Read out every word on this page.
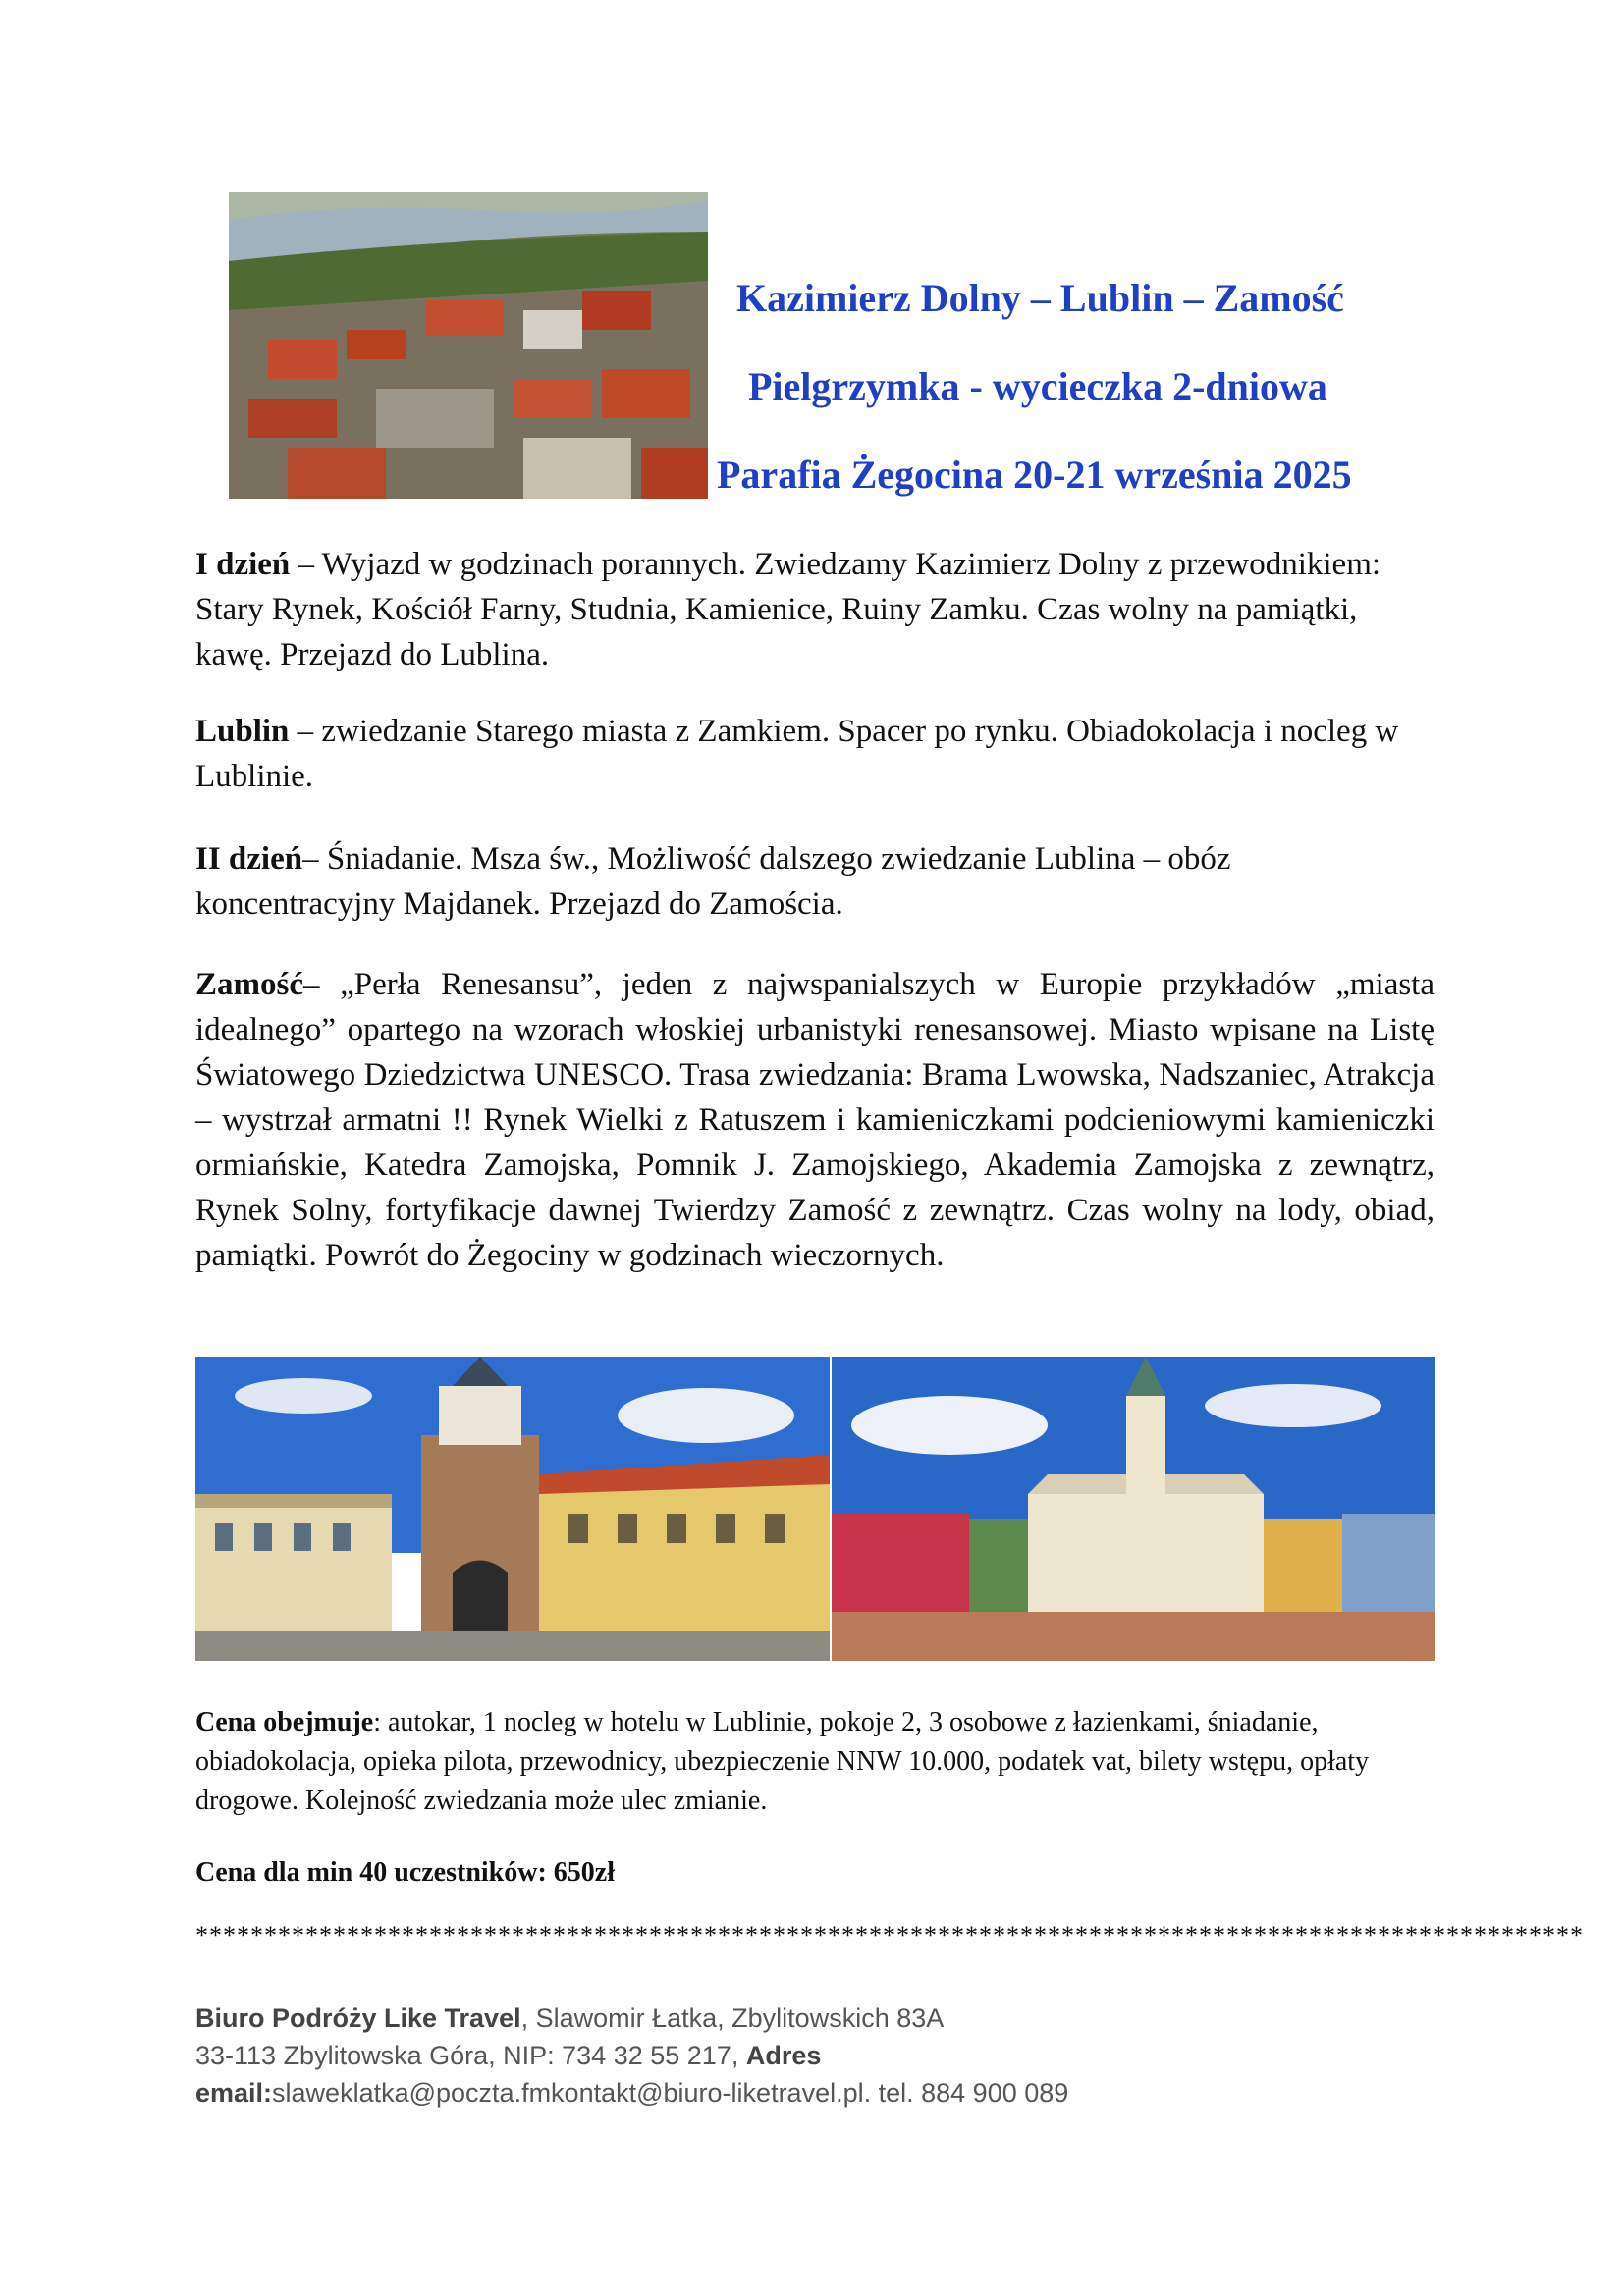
Kazimierz Dolny – Lublin – Zamość
Pielgrzymka - wycieczka 2-dniowa
Parafia Żegocina 20-21 września 2025

I dzień – Wyjazd w godzinach porannych. Zwiedzamy Kazimierz Dolny z przewodnikiem: Stary Rynek, Kościół Farny, Studnia, Kamienice, Ruiny Zamku. Czas wolny na pamiątki, kawę. Przejazd do Lublina.

Lublin – zwiedzanie Starego miasta z Zamkiem. Spacer po rynku. Obiadokolacja i nocleg w Lublinie.

II dzień– Śniadanie. Msza św., Możliwość dalszego zwiedzanie Lublina – obóz koncentracyjny Majdanek. Przejazd do Zamościa.

Zamość– „Perła Renesansu”, jeden z najwspanialszych w Europie przykładów „miasta idealnego” opartego na wzorach włoskiej urbanistyki renesansowej. Miasto wpisane na Listę Światowego Dziedzictwa UNESCO. Trasa zwiedzania: Brama Lwowska, Nadszaniec, Atrakcja – wystrzał armatni !! Rynek Wielki z Ratuszem i kamieniczkami podcieniowymi kamieniczki ormiańskie, Katedra Zamojska, Pomnik J. Zamojskiego, Akademia Zamojska z zewnątrz, Rynek Solny, fortyfikacje dawnej Twierdzy Zamość z zewnątrz. Czas wolny na lody, obiad, pamiątki. Powrót do Żegociny w godzinach wieczornych.

Cena obejmuje: autokar, 1 nocleg w hotelu w Lublinie, pokoje 2, 3 osobowe z łazienkami, śniadanie, obiadokolacja, opieka pilota, przewodnicy, ubezpieczenie NNW 10.000, podatek vat, bilety wstępu, opłaty drogowe. Kolejność zwiedzania może ulec zmianie.

Cena dla min 40 uczestników: 650zł

*****************************************************************************************************
Biuro Podróży Like Travel, Slawomir Łatka, Zbylitowskich 83A
33-113 Zbylitowska Góra, NIP: 734 32 55 217, Adres
email:slaweklatka@poczta.fmkontakt@biuro-liketravel.pl. tel. 884 900 089
